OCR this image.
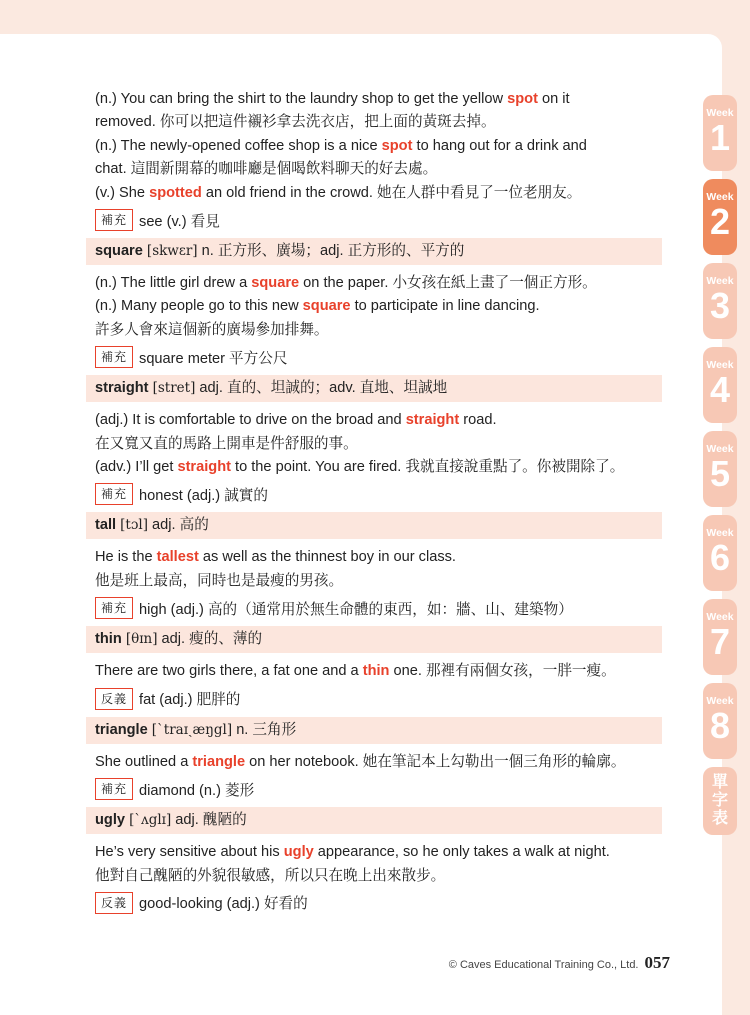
(n.) You can bring the shirt to the laundry shop to get the yellow spot on it
removed. 你可以把這件襯衫拿去洗衣店，把上面的黃斑去掉。
(n.) The newly-opened coffee shop is a nice spot to hang out for a drink and
chat. 這間新開幕的咖啡廳是個喝飲料聊天的好去處。
(v.) She spotted an old friend in the crowd. 她在人群中看見了一位老朋友。
補充 see (v.) 看見
square [skwɛr] n. 正方形、廣場；adj. 正方形的、平方的
(n.) The little girl drew a square on the paper. 小女孩在紙上畫了一個正方形。
(n.) Many people go to this new square to participate in line dancing.
許多人會來這個新的廣場參加排舞。
補充 square meter 平方公尺
straight [stret] adj. 直的、坦誠的；adv. 直地、坦誠地
(adj.) It is comfortable to drive on the broad and straight road.
在又寬又直的馬路上開車是件舒服的事。
(adv.) I’ll get straight to the point. You are fired. 我就直接說重點了。你被開除了。
補充 honest (adj.) 誠實的
tall [tɔl] adj. 高的
He is the tallest as well as the thinnest boy in our class.
他是班上最高，同時也是最瘦的男孩。
補充 high (adj.) 高的（通常用於無生命體的東西，如：牆、山、建築物）
thin [θɪn] adj. 瘦的、薄的
There are two girls there, a fat one and a thin one. 那裡有兩個女孩，一胖一瘦。
反義 fat (adj.) 肥胖的
triangle [ˋtraɪˏæŋgl] n. 三角形
She outlined a triangle on her notebook. 她在筆記本上勾勒出一個三角形的輪廓。
補充 diamond (n.) 菱形
ugly [ˋʌglɪ] adj. 醜陋的
He’s very sensitive about his ugly appearance, so he only takes a walk at night.
他對自己醜陋的外貌很敏感，所以只在晚上出來散步。
反義 good-looking (adj.) 好看的
Week
1
Week
2
Week
3
Week
4
Week
5
Week
6
Week
7
Week
8
單
字
表
© Caves Educational Training Co., Ltd. 057
